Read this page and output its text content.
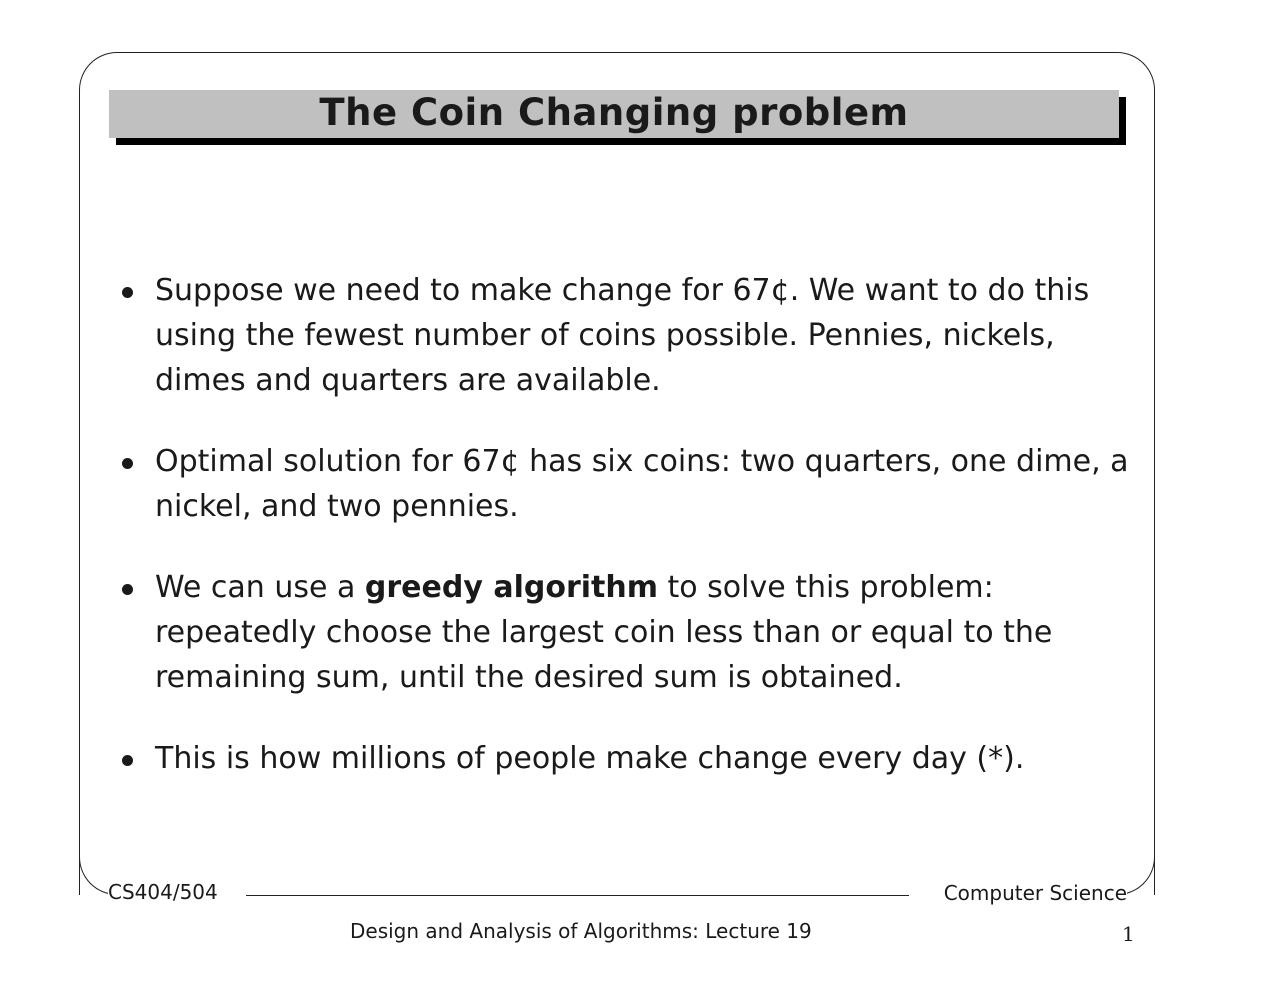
The Coin Changing problem
Suppose we need to make change for 67¢. We want to do this using the fewest number of coins possible. Pennies, nickels, dimes and quarters are available.
Optimal solution for 67¢ has six coins: two quarters, one dime, a nickel, and two pennies.
We can use a greedy algorithm to solve this problem: repeatedly choose the largest coin less than or equal to the remaining sum, until the desired sum is obtained.
This is how millions of people make change every day (*).
CS404/504	Computer Science
Design and Analysis of Algorithms: Lecture 19	1
